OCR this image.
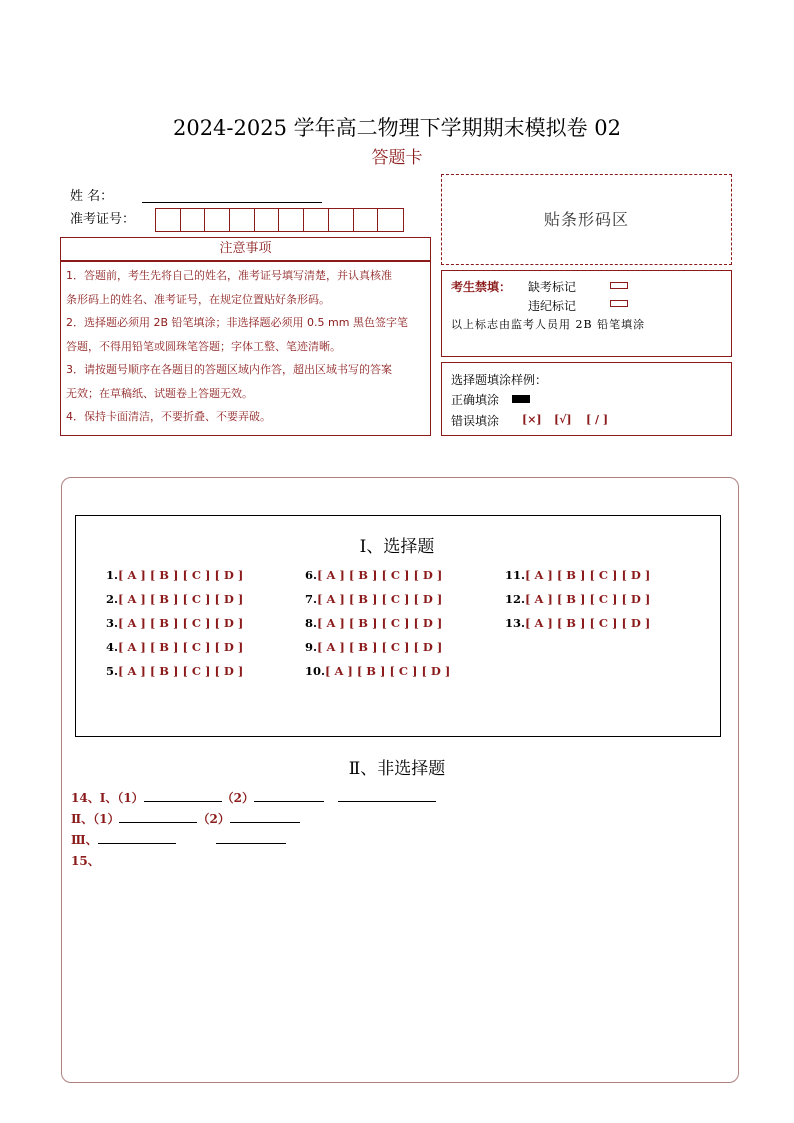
2024-2025 学年高二物理下学期期末模拟卷 02
答题卡
姓 名：
准考证号：
注意事项
1．答题前，考生先将自己的姓名，准考证号填写清楚，并认真核准
条形码上的姓名、准考证号，在规定位置贴好条形码。
2．选择题必须用 2B 铅笔填涂；非选择题必须用 0.5 mm 黑色签字笔
答题，不得用铅笔或圆珠笔答题；字体工整、笔迹清晰。
3．请按题号顺序在各题目的答题区域内作答，超出区域书写的答案
无效；在草稿纸、试题卷上答题无效。
4．保持卡面清洁，不要折叠、不要弄破。
贴条形码区
考生禁填： 缺考标记
违纪标记
以上标志由监考人员用 2B 铅笔填涂
选择题填涂样例：
正确填涂
错误填涂 [×] [√] [ / ]
Ⅰ、选择题
1.[ A ] [ B ] [ C ] [ D ]
2.[ A ] [ B ] [ C ] [ D ]
3.[ A ] [ B ] [ C ] [ D ]
4.[ A ] [ B ] [ C ] [ D ]
5.[ A ] [ B ] [ C ] [ D ]
6.[ A ] [ B ] [ C ] [ D ]
7.[ A ] [ B ] [ C ] [ D ]
8.[ A ] [ B ] [ C ] [ D ]
9.[ A ] [ B ] [ C ] [ D ]
10.[ A ] [ B ] [ C ] [ D ]
11.[ A ] [ B ] [ C ] [ D ]
12.[ A ] [ B ] [ C ] [ D ]
13.[ A ] [ B ] [ C ] [ D ]
Ⅱ、非选择题
14、Ⅰ、（1）	（2）
Ⅱ、（1）	（2）
Ⅲ、
15、
